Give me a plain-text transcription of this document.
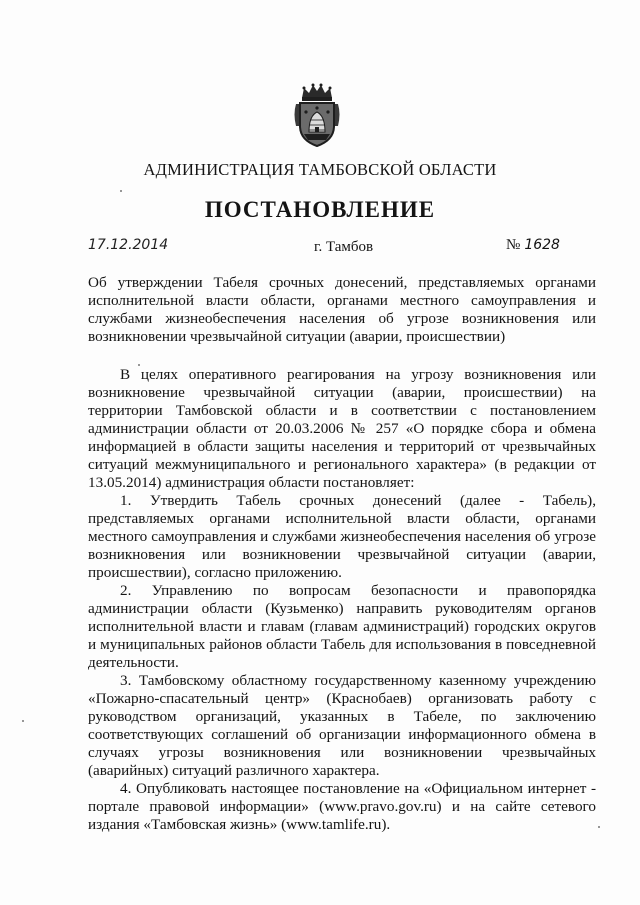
АДМИНИСТРАЦИЯ ТАМБОВСКОЙ ОБЛАСТИ
ПОСТАНОВЛЕНИЕ
17.12.2014	г. Тамбов	№ 1628
Об утверждении Табеля срочных донесений, представляемых органами исполнительной власти области, органами местного самоуправления и службами жизнеобеспечения населения об угрозе возникновения или возникновении чрезвычайной ситуации (аварии, происшествии)

В целях оперативного реагирования на угрозу возникновения или возникновение чрезвычайной ситуации (аварии, происшествии) на территории Тамбовской области и в соответствии с постановлением администрации области от 20.03.2006 № 257 «О порядке сбора и обмена информацией в области защиты населения и территорий от чрезвычайных ситуаций межмуниципального и регионального характера» (в редакции от 13.05.2014) администрация области постановляет:

1. Утвердить Табель срочных донесений (далее - Табель), представляемых органами исполнительной власти области, органами местного самоуправления и службами жизнеобеспечения населения об угрозе возникновения или возникновении чрезвычайной ситуации (аварии, происшествии), согласно приложению.

2. Управлению по вопросам безопасности и правопорядка администрации области (Кузьменко) направить руководителям органов исполнительной власти и главам (главам администраций) городских округов и муниципальных районов области Табель для использования в повседневной деятельности.

3. Тамбовскому областному государственному казенному учреждению «Пожарно-спасательный центр» (Краснобаев) организовать работу с руководством организаций, указанных в Табеле, по заключению соответствующих соглашений об организации информационного обмена в случаях угрозы возникновения или возникновении чрезвычайных (аварийных) ситуаций различного характера.

4. Опубликовать настоящее постановление на «Официальном интернет - портале правовой информации» (www.pravo.gov.ru) и на сайте сетевого издания «Тамбовская жизнь» (www.tamlife.ru).
